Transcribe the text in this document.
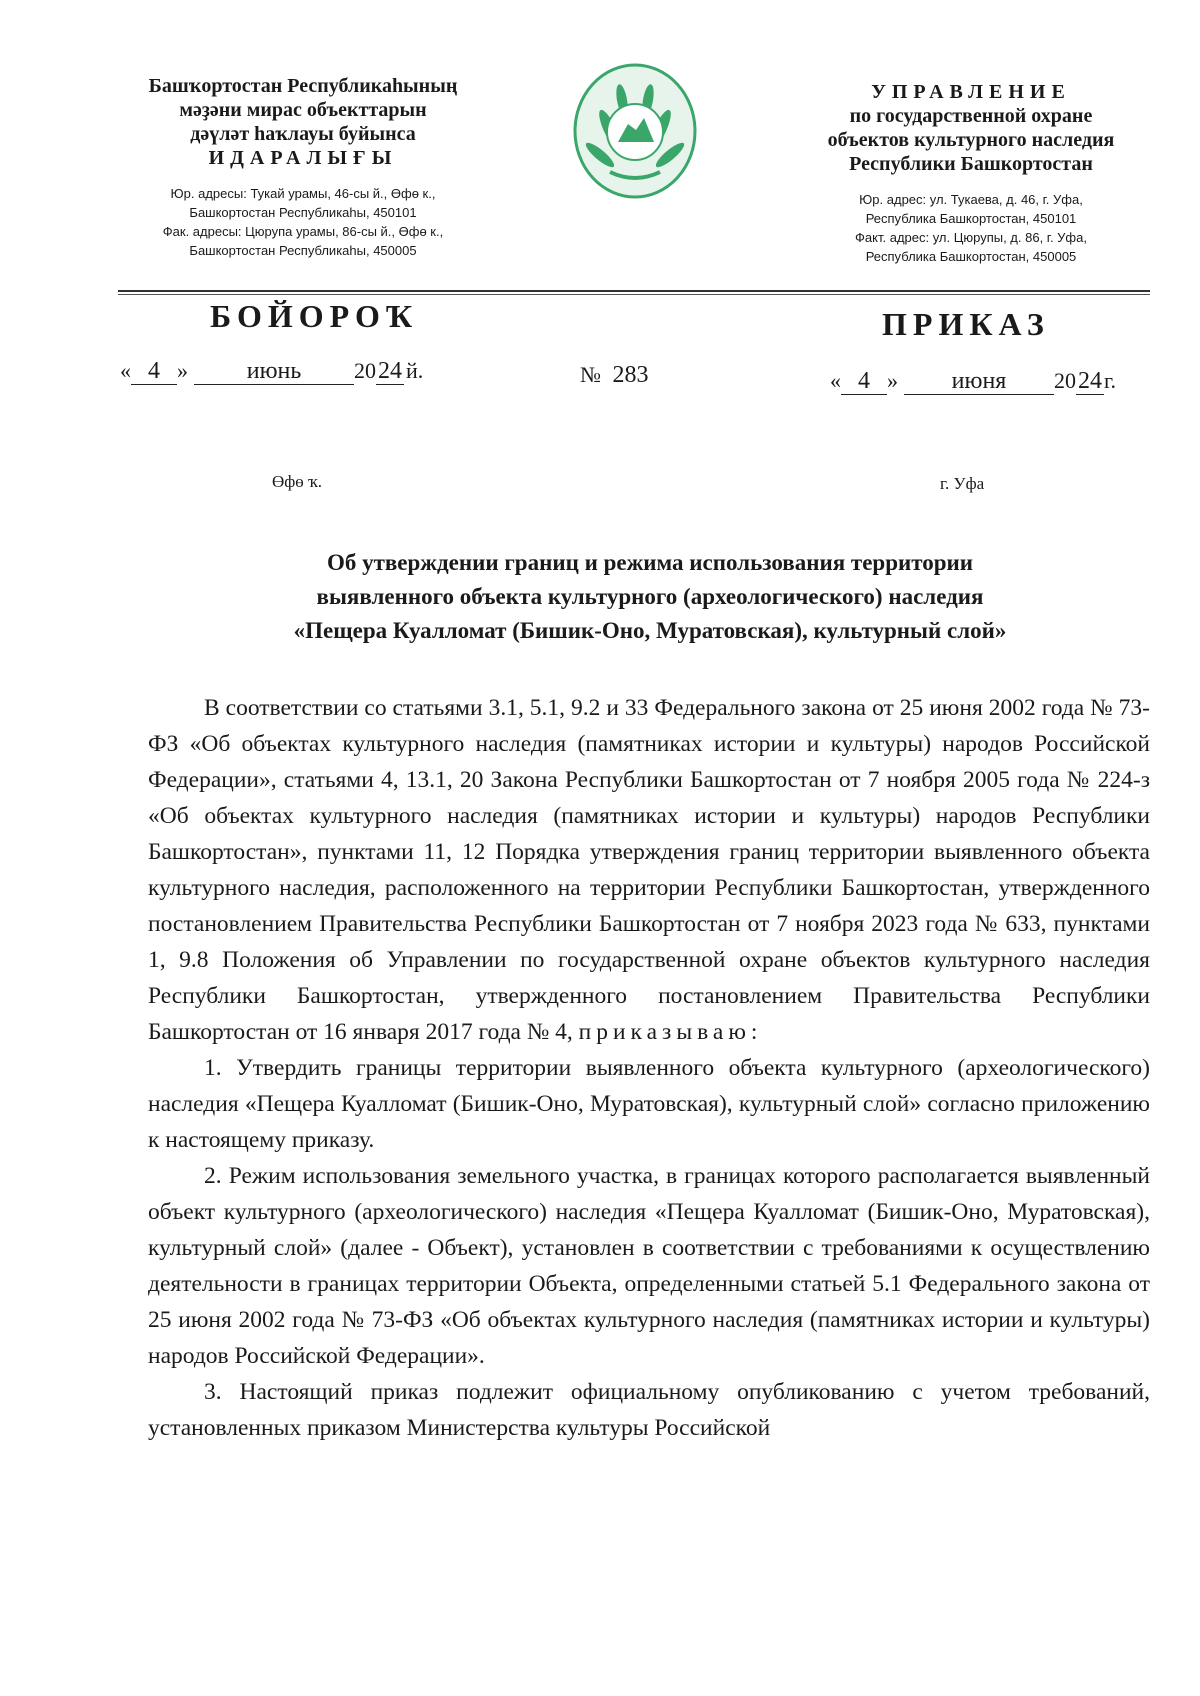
Башҡортостан Республикаһының
мәҙәни мирас объекттарын
дәүләт һаҡлауы буйынса
ИДАРАЛЫҒЫ
Юр. адресы: Тукай урамы, 46-сы й., Өфө к.,
Башкортостан Республикаһы, 450101
Фак. адресы: Цюрупа урамы, 86-сы й., Өфө к.,
Башкортостан Республикаһы, 450005
УПРАВЛЕНИЕ
по государственной охране
объектов культурного наследия
Республики Башкортостан
Юр. адрес: ул. Тукаева, д. 46, г. Уфа,
Республика Башкортостан, 450101
Факт. адрес: ул. Цюрупы, д. 86, г. Уфа,
Республика Башкортостан, 450005
БОЙОРОҠ	ПРИКАЗ
« 4 » июнь 2024 й.	№ 283	« 4 » июня 2024г.
Өфө ҡ.	г. Уфа
Об утверждении границ и режима использования территории
выявленного объекта культурного (археологического) наследия
«Пещера Куалломат (Бишик-Оно, Муратовская), культурный слой»

В соответствии со статьями 3.1, 5.1, 9.2 и 33 Федерального закона от 25 июня 2002 года № 73-ФЗ «Об объектах культурного наследия (памятниках истории и культуры) народов Российской Федерации», статьями 4, 13.1, 20 Закона Республики Башкортостан от 7 ноября 2005 года № 224-з «Об объектах культурного наследия (памятниках истории и культуры) народов Республики Башкортостан», пунктами 11, 12 Порядка утверждения границ территории выявленного объекта культурного наследия, расположенного на территории Республики Башкортостан, утвержденного постановлением Правительства Республики Башкортостан от 7 ноября 2023 года № 633, пунктами 1, 9.8 Положения об Управлении по государственной охране объектов культурного наследия Республики Башкортостан, утвержденного постановлением Правительства Республики Башкортостан от 16 января 2017 года № 4, приказываю:

1. Утвердить границы территории выявленного объекта культурного (археологического) наследия «Пещера Куалломат (Бишик-Оно, Муратовская), культурный слой» согласно приложению к настоящему приказу.

2. Режим использования земельного участка, в границах которого располагается выявленный объект культурного (археологического) наследия «Пещера Куалломат (Бишик-Оно, Муратовская), культурный слой» (далее - Объект), установлен в соответствии с требованиями к осуществлению деятельности в границах территории Объекта, определенными статьей 5.1 Федерального закона от 25 июня 2002 года № 73-ФЗ «Об объектах культурного наследия (памятниках истории и культуры) народов Российской Федерации».

3. Настоящий приказ подлежит официальному опубликованию с учетом требований, установленных приказом Министерства культуры Российской
